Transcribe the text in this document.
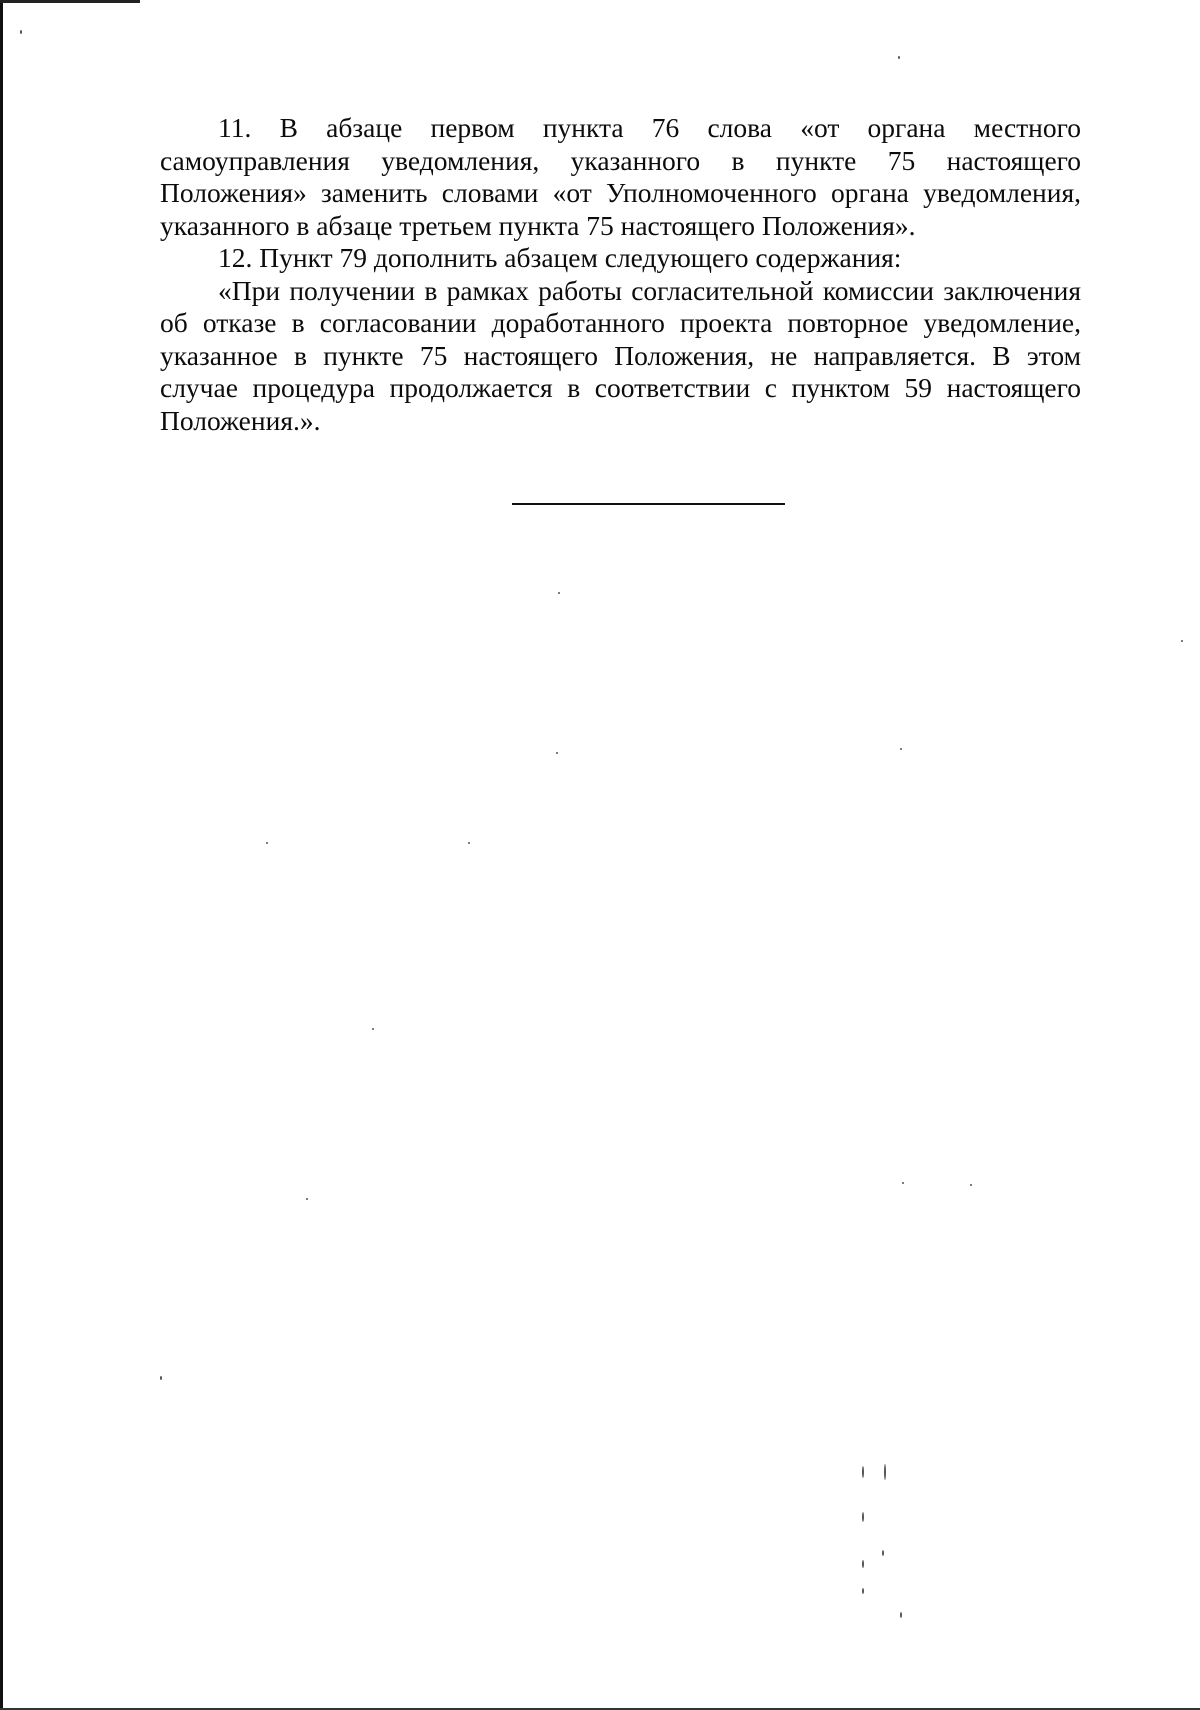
11. В абзаце первом пункта 76 слова «от органа местного самоуправления уведомления, указанного в пункте 75 настоящего Положения» заменить словами «от Уполномоченного органа уведомления, указанного в абзаце третьем пункта 75 настоящего Положения».

12. Пункт 79 дополнить абзацем следующего содержания:

«При получении в рамках работы согласительной комиссии заключения об отказе в согласовании доработанного проекта повторное уведомление, указанное в пункте 75 настоящего Положения, не направляется. В этом случае процедура продолжается в соответствии с пунктом 59 настоящего Положения.».
